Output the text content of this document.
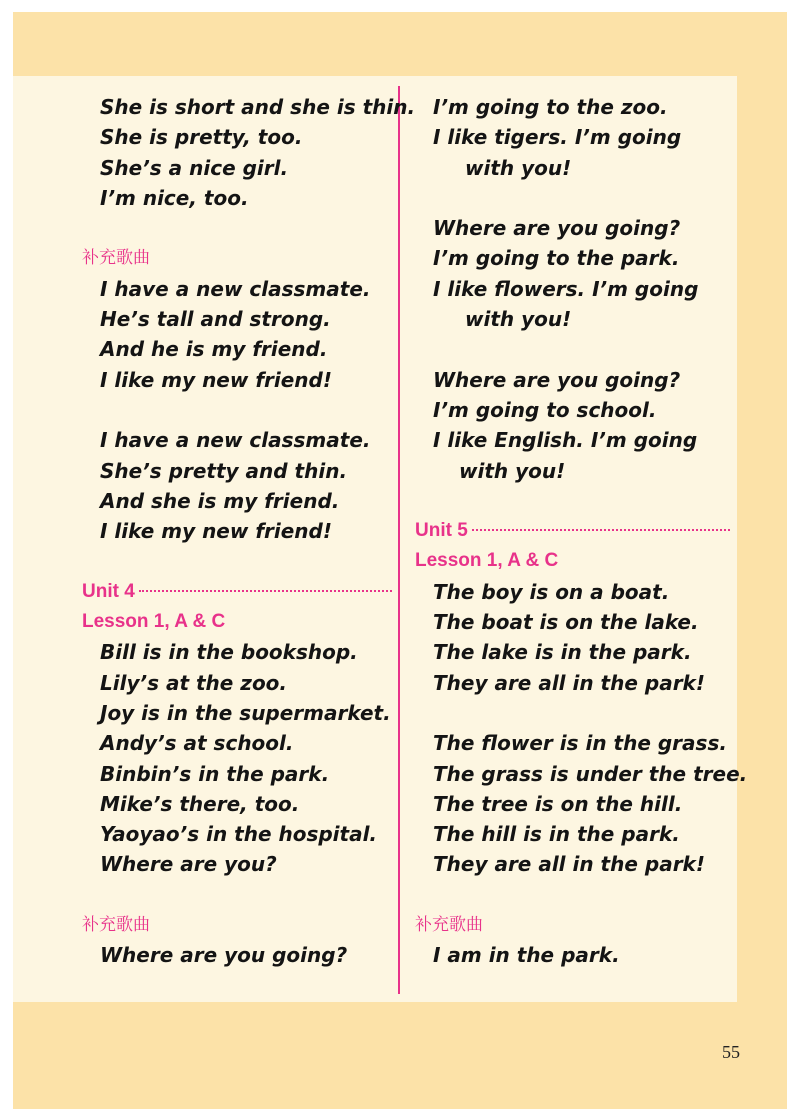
She is short and she is thin.
She is pretty, too.
She’s a nice girl.
I’m nice, too.
补充歌曲
I have a new classmate.
He’s tall and strong.
And he is my friend.
I like my new friend!
I have a new classmate.
She’s pretty and thin.
And she is my friend.
I like my new friend!
Unit 4
Lesson 1, A & C
Bill is in the bookshop.
Lily’s at the zoo.
Joy is in the supermarket.
Andy’s at school.
Binbin’s in the park.
Mike’s there, too.
Yaoyao’s in the hospital.
Where are you?
补充歌曲
Where are you going?
I’m going to the zoo.
I like tigers. I’m going
with you!
Where are you going?
I’m going to the park.
I like flowers. I’m going
with you!
Where are you going?
I’m going to school.
I like English. I’m going
with you!
Unit 5
Lesson 1, A & C
The boy is on a boat.
The boat is on the lake.
The lake is in the park.
They are all in the park!
The flower is in the grass.
The grass is under the tree.
The tree is on the hill.
The hill is in the park.
They are all in the park!
补充歌曲
I am in the park.
55
